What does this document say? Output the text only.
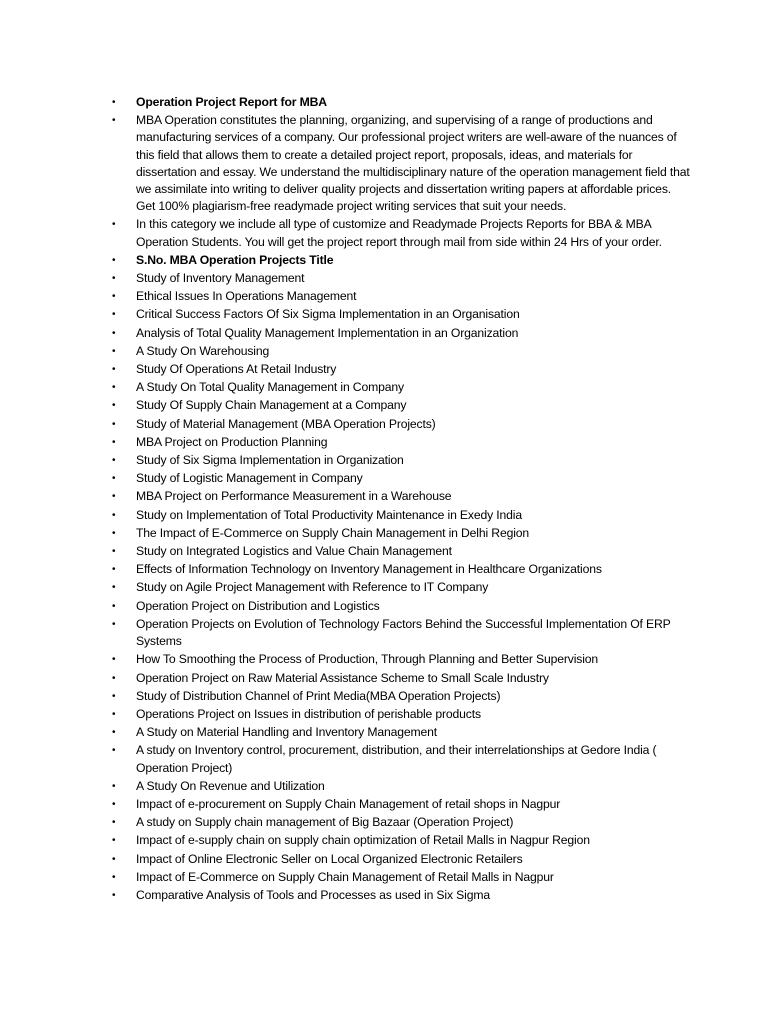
•	Operation Project Report for MBA
•	MBA Operation constitutes the planning, organizing, and supervising of a range of productions and manufacturing services of a company. Our professional project writers are well-aware of the nuances of this field that allows them to create a detailed project report, proposals, ideas, and materials for dissertation and essay. We understand the multidisciplinary nature of the operation management field that we assimilate into writing to deliver quality projects and dissertation writing papers at affordable prices. Get 100% plagiarism-free readymade project writing services that suit your needs.
•	In this category we include all type of customize and Readymade Projects Reports for BBA & MBA Operation Students. You will get the project report through mail from side within 24 Hrs of your order.
•	S.No. MBA Operation Projects Title
•	Study of Inventory Management
•	Ethical Issues In Operations Management
•	Critical Success Factors Of Six Sigma Implementation in an Organisation
•	Analysis of Total Quality Management Implementation in an Organization
•	A Study On Warehousing
•	Study Of Operations At Retail Industry
•	A Study On Total Quality Management in Company
•	Study Of Supply Chain Management at a Company
•	Study of Material Management (MBA Operation Projects)
•	MBA Project on Production Planning
•	Study of Six Sigma Implementation in Organization
•	Study of Logistic Management in Company
•	MBA Project on Performance Measurement in a Warehouse
•	Study on Implementation of Total Productivity Maintenance in Exedy India
•	The Impact of E-Commerce on Supply Chain Management in Delhi Region
•	Study on Integrated Logistics and Value Chain Management
•	Effects of Information Technology on Inventory Management in Healthcare Organizations
•	Study on Agile Project Management with Reference to IT Company
•	Operation Project on Distribution and Logistics
•	Operation Projects on Evolution of Technology Factors Behind the Successful Implementation Of ERP Systems
•	How To Smoothing the Process of Production, Through Planning and Better Supervision
•	Operation Project on Raw Material Assistance Scheme to Small Scale Industry
•	Study of Distribution Channel of Print Media(MBA Operation Projects)
•	Operations Project on Issues in distribution of perishable products
•	A Study on Material Handling and Inventory Management
•	A study on Inventory control, procurement, distribution, and their interrelationships at Gedore India ( Operation Project)
•	A Study On Revenue and Utilization
•	Impact of e-procurement on Supply Chain Management of retail shops in Nagpur
•	A study on Supply chain management of Big Bazaar (Operation Project)
•	Impact of e-supply chain on supply chain optimization of Retail Malls in Nagpur Region
•	Impact of Online Electronic Seller on Local Organized Electronic Retailers
•	Impact of E-Commerce on Supply Chain Management of Retail Malls in Nagpur
•	Comparative Analysis of Tools and Processes as used in Six Sigma
